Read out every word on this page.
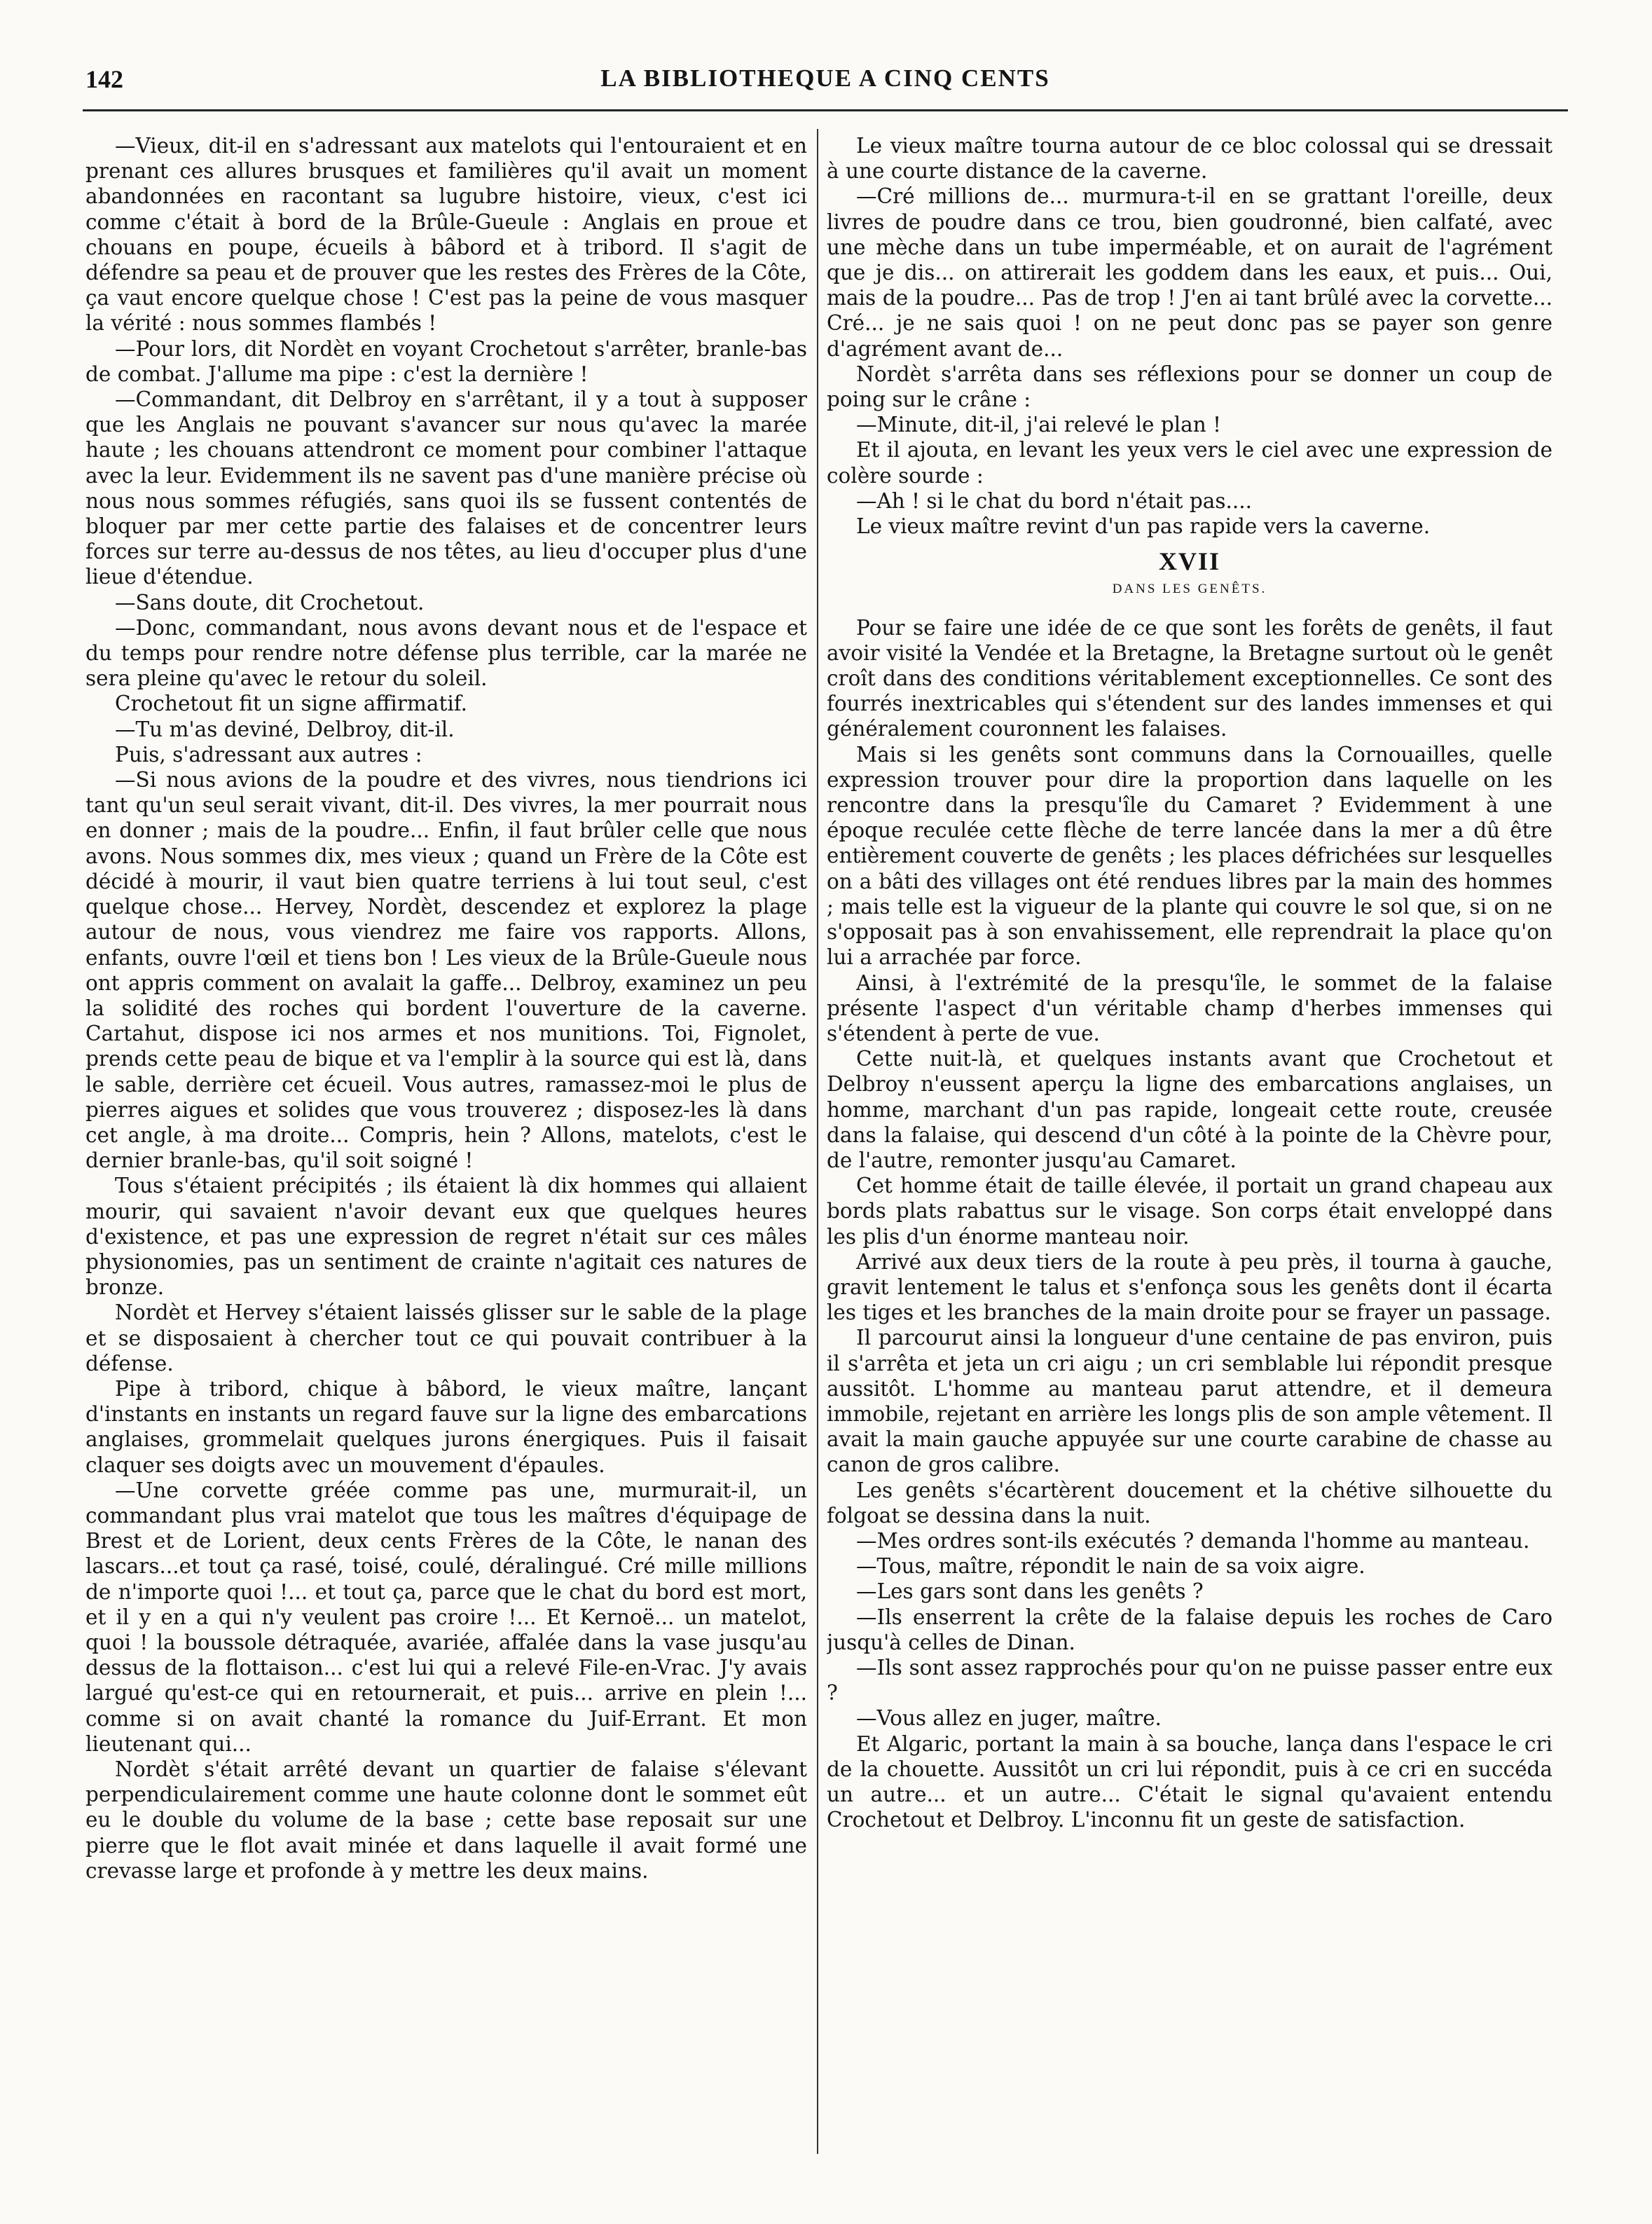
142	LA BIBLIOTHEQUE A CINQ CENTS

—Vieux, dit-il en s'adressant aux matelots qui l'entouraient et en prenant ces allures brusques et familières qu'il avait un moment abandonnées en racontant sa lugubre histoire, vieux, c'est ici comme c'était à bord de la Brûle-Gueule : Anglais en proue et chouans en poupe, écueils à bâbord et à tribord. Il s'agit de défendre sa peau et de prouver que les restes des Frères de la Côte, ça vaut encore quelque chose ! C'est pas la peine de vous masquer la vérité : nous sommes flambés !

—Pour lors, dit Nordèt en voyant Crochetout s'arrêter, branle-bas de combat. J'allume ma pipe : c'est la dernière !

—Commandant, dit Delbroy en s'arrêtant, il y a tout à supposer que les Anglais ne pouvant s'avancer sur nous qu'avec la marée haute ; les chouans attendront ce moment pour combiner l'attaque avec la leur. Evidemment ils ne savent pas d'une manière précise où nous nous sommes réfugiés, sans quoi ils se fussent contentés de bloquer par mer cette partie des falaises et de concentrer leurs forces sur terre au-dessus de nos têtes, au lieu d'occuper plus d'une lieue d'étendue.

—Sans doute, dit Crochetout.

—Donc, commandant, nous avons devant nous et de l'espace et du temps pour rendre notre défense plus terrible, car la marée ne sera pleine qu'avec le retour du soleil.

Crochetout fit un signe affirmatif.

—Tu m'as deviné, Delbroy, dit-il.

Puis, s'adressant aux autres :

—Si nous avions de la poudre et des vivres, nous tiendrions ici tant qu'un seul serait vivant, dit-il. Des vivres, la mer pourrait nous en donner ; mais de la poudre... Enfin, il faut brûler celle que nous avons. Nous sommes dix, mes vieux ; quand un Frère de la Côte est décidé à mourir, il vaut bien quatre terriens à lui tout seul, c'est quelque chose... Hervey, Nordèt, descendez et explorez la plage autour de nous, vous viendrez me faire vos rapports. Allons, enfants, ouvre l'œil et tiens bon ! Les vieux de la Brûle-Gueule nous ont appris comment on avalait la gaffe... Delbroy, examinez un peu la solidité des roches qui bordent l'ouverture de la caverne. Cartahut, dispose ici nos armes et nos munitions. Toi, Fignolet, prends cette peau de bique et va l'emplir à la source qui est là, dans le sable, derrière cet écueil. Vous autres, ramassez-moi le plus de pierres aigues et solides que vous trouverez ; disposez-les là dans cet angle, à ma droite... Compris, hein ? Allons, matelots, c'est le dernier branle-bas, qu'il soit soigné !

Tous s'étaient précipités ; ils étaient là dix hommes qui allaient mourir, qui savaient n'avoir devant eux que quelques heures d'existence, et pas une expression de regret n'était sur ces mâles physionomies, pas un sentiment de crainte n'agitait ces natures de bronze.

Nordèt et Hervey s'étaient laissés glisser sur le sable de la plage et se disposaient à chercher tout ce qui pouvait contribuer à la défense.

Pipe à tribord, chique à bâbord, le vieux maître, lançant d'instants en instants un regard fauve sur la ligne des embarcations anglaises, grommelait quelques jurons énergiques. Puis il faisait claquer ses doigts avec un mouvement d'épaules.

—Une corvette gréée comme pas une, murmurait-il, un commandant plus vrai matelot que tous les maîtres d'équipage de Brest et de Lorient, deux cents Frères de la Côte, le nanan des lascars...et tout ça rasé, toisé, coulé, déralingué. Cré mille millions de n'importe quoi !... et tout ça, parce que le chat du bord est mort, et il y en a qui n'y veulent pas croire !... Et Kernoë... un matelot, quoi ! la boussole détraquée, avariée, affalée dans la vase jusqu'au dessus de la flottaison... c'est lui qui a relevé File-en-Vrac. J'y avais largué qu'est-ce qui en retournerait, et puis... arrive en plein !... comme si on avait chanté la romance du Juif-Errant. Et mon lieutenant qui...

Nordèt s'était arrêté devant un quartier de falaise s'élevant perpendiculairement comme une haute colonne dont le sommet eût eu le double du volume de la base ; cette base reposait sur une pierre que le flot avait minée et dans laquelle il avait formé une crevasse large et profonde à y mettre les deux mains.

Le vieux maître tourna autour de ce bloc colossal qui se dressait à une courte distance de la caverne.

—Cré millions de... murmura-t-il en se grattant l'oreille, deux livres de poudre dans ce trou, bien goudronné, bien calfaté, avec une mèche dans un tube imperméable, et on aurait de l'agrément que je dis... on attirerait les goddem dans les eaux, et puis... Oui, mais de la poudre... Pas de trop ! J'en ai tant brûlé avec la corvette... Cré... je ne sais quoi ! on ne peut donc pas se payer son genre d'agrément avant de...

Nordèt s'arrêta dans ses réflexions pour se donner un coup de poing sur le crâne :

—Minute, dit-il, j'ai relevé le plan !

Et il ajouta, en levant les yeux vers le ciel avec une expression de colère sourde :

—Ah ! si le chat du bord n'était pas....

Le vieux maître revint d'un pas rapide vers la caverne.

XVII
DANS LES GENÊTS.

Pour se faire une idée de ce que sont les forêts de genêts, il faut avoir visité la Vendée et la Bretagne, la Bretagne surtout où le genêt croît dans des conditions véritablement exceptionnelles. Ce sont des fourrés inextricables qui s'étendent sur des landes immenses et qui généralement couronnent les falaises.

Mais si les genêts sont communs dans la Cornouailles, quelle expression trouver pour dire la proportion dans laquelle on les rencontre dans la presqu'île du Camaret ? Evidemment à une époque reculée cette flèche de terre lancée dans la mer a dû être entièrement couverte de genêts ; les places défrichées sur lesquelles on a bâti des villages ont été rendues libres par la main des hommes ; mais telle est la vigueur de la plante qui couvre le sol que, si on ne s'opposait pas à son envahissement, elle reprendrait la place qu'on lui a arrachée par force.

Ainsi, à l'extrémité de la presqu'île, le sommet de la falaise présente l'aspect d'un véritable champ d'herbes immenses qui s'étendent à perte de vue.

Cette nuit-là, et quelques instants avant que Crochetout et Delbroy n'eussent aperçu la ligne des embarcations anglaises, un homme, marchant d'un pas rapide, longeait cette route, creusée dans la falaise, qui descend d'un côté à la pointe de la Chèvre pour, de l'autre, remonter jusqu'au Camaret.

Cet homme était de taille élevée, il portait un grand chapeau aux bords plats rabattus sur le visage. Son corps était enveloppé dans les plis d'un énorme manteau noir.

Arrivé aux deux tiers de la route à peu près, il tourna à gauche, gravit lentement le talus et s'enfonça sous les genêts dont il écarta les tiges et les branches de la main droite pour se frayer un passage.

Il parcourut ainsi la longueur d'une centaine de pas environ, puis il s'arrêta et jeta un cri aigu ; un cri semblable lui répondit presque aussitôt. L'homme au manteau parut attendre, et il demeura immobile, rejetant en arrière les longs plis de son ample vêtement. Il avait la main gauche appuyée sur une courte carabine de chasse au canon de gros calibre.

Les genêts s'écartèrent doucement et la chétive silhouette du folgoat se dessina dans la nuit.

—Mes ordres sont-ils exécutés ? demanda l'homme au manteau.

—Tous, maître, répondit le nain de sa voix aigre.

—Les gars sont dans les genêts ?

—Ils enserrent la crête de la falaise depuis les roches de Caro jusqu'à celles de Dinan.

—Ils sont assez rapprochés pour qu'on ne puisse passer entre eux ?

—Vous allez en juger, maître.

Et Algaric, portant la main à sa bouche, lança dans l'espace le cri de la chouette. Aussitôt un cri lui répondit, puis à ce cri en succéda un autre... et un autre... C'était le signal qu'avaient entendu Crochetout et Delbroy. L'inconnu fit un geste de satisfaction.
